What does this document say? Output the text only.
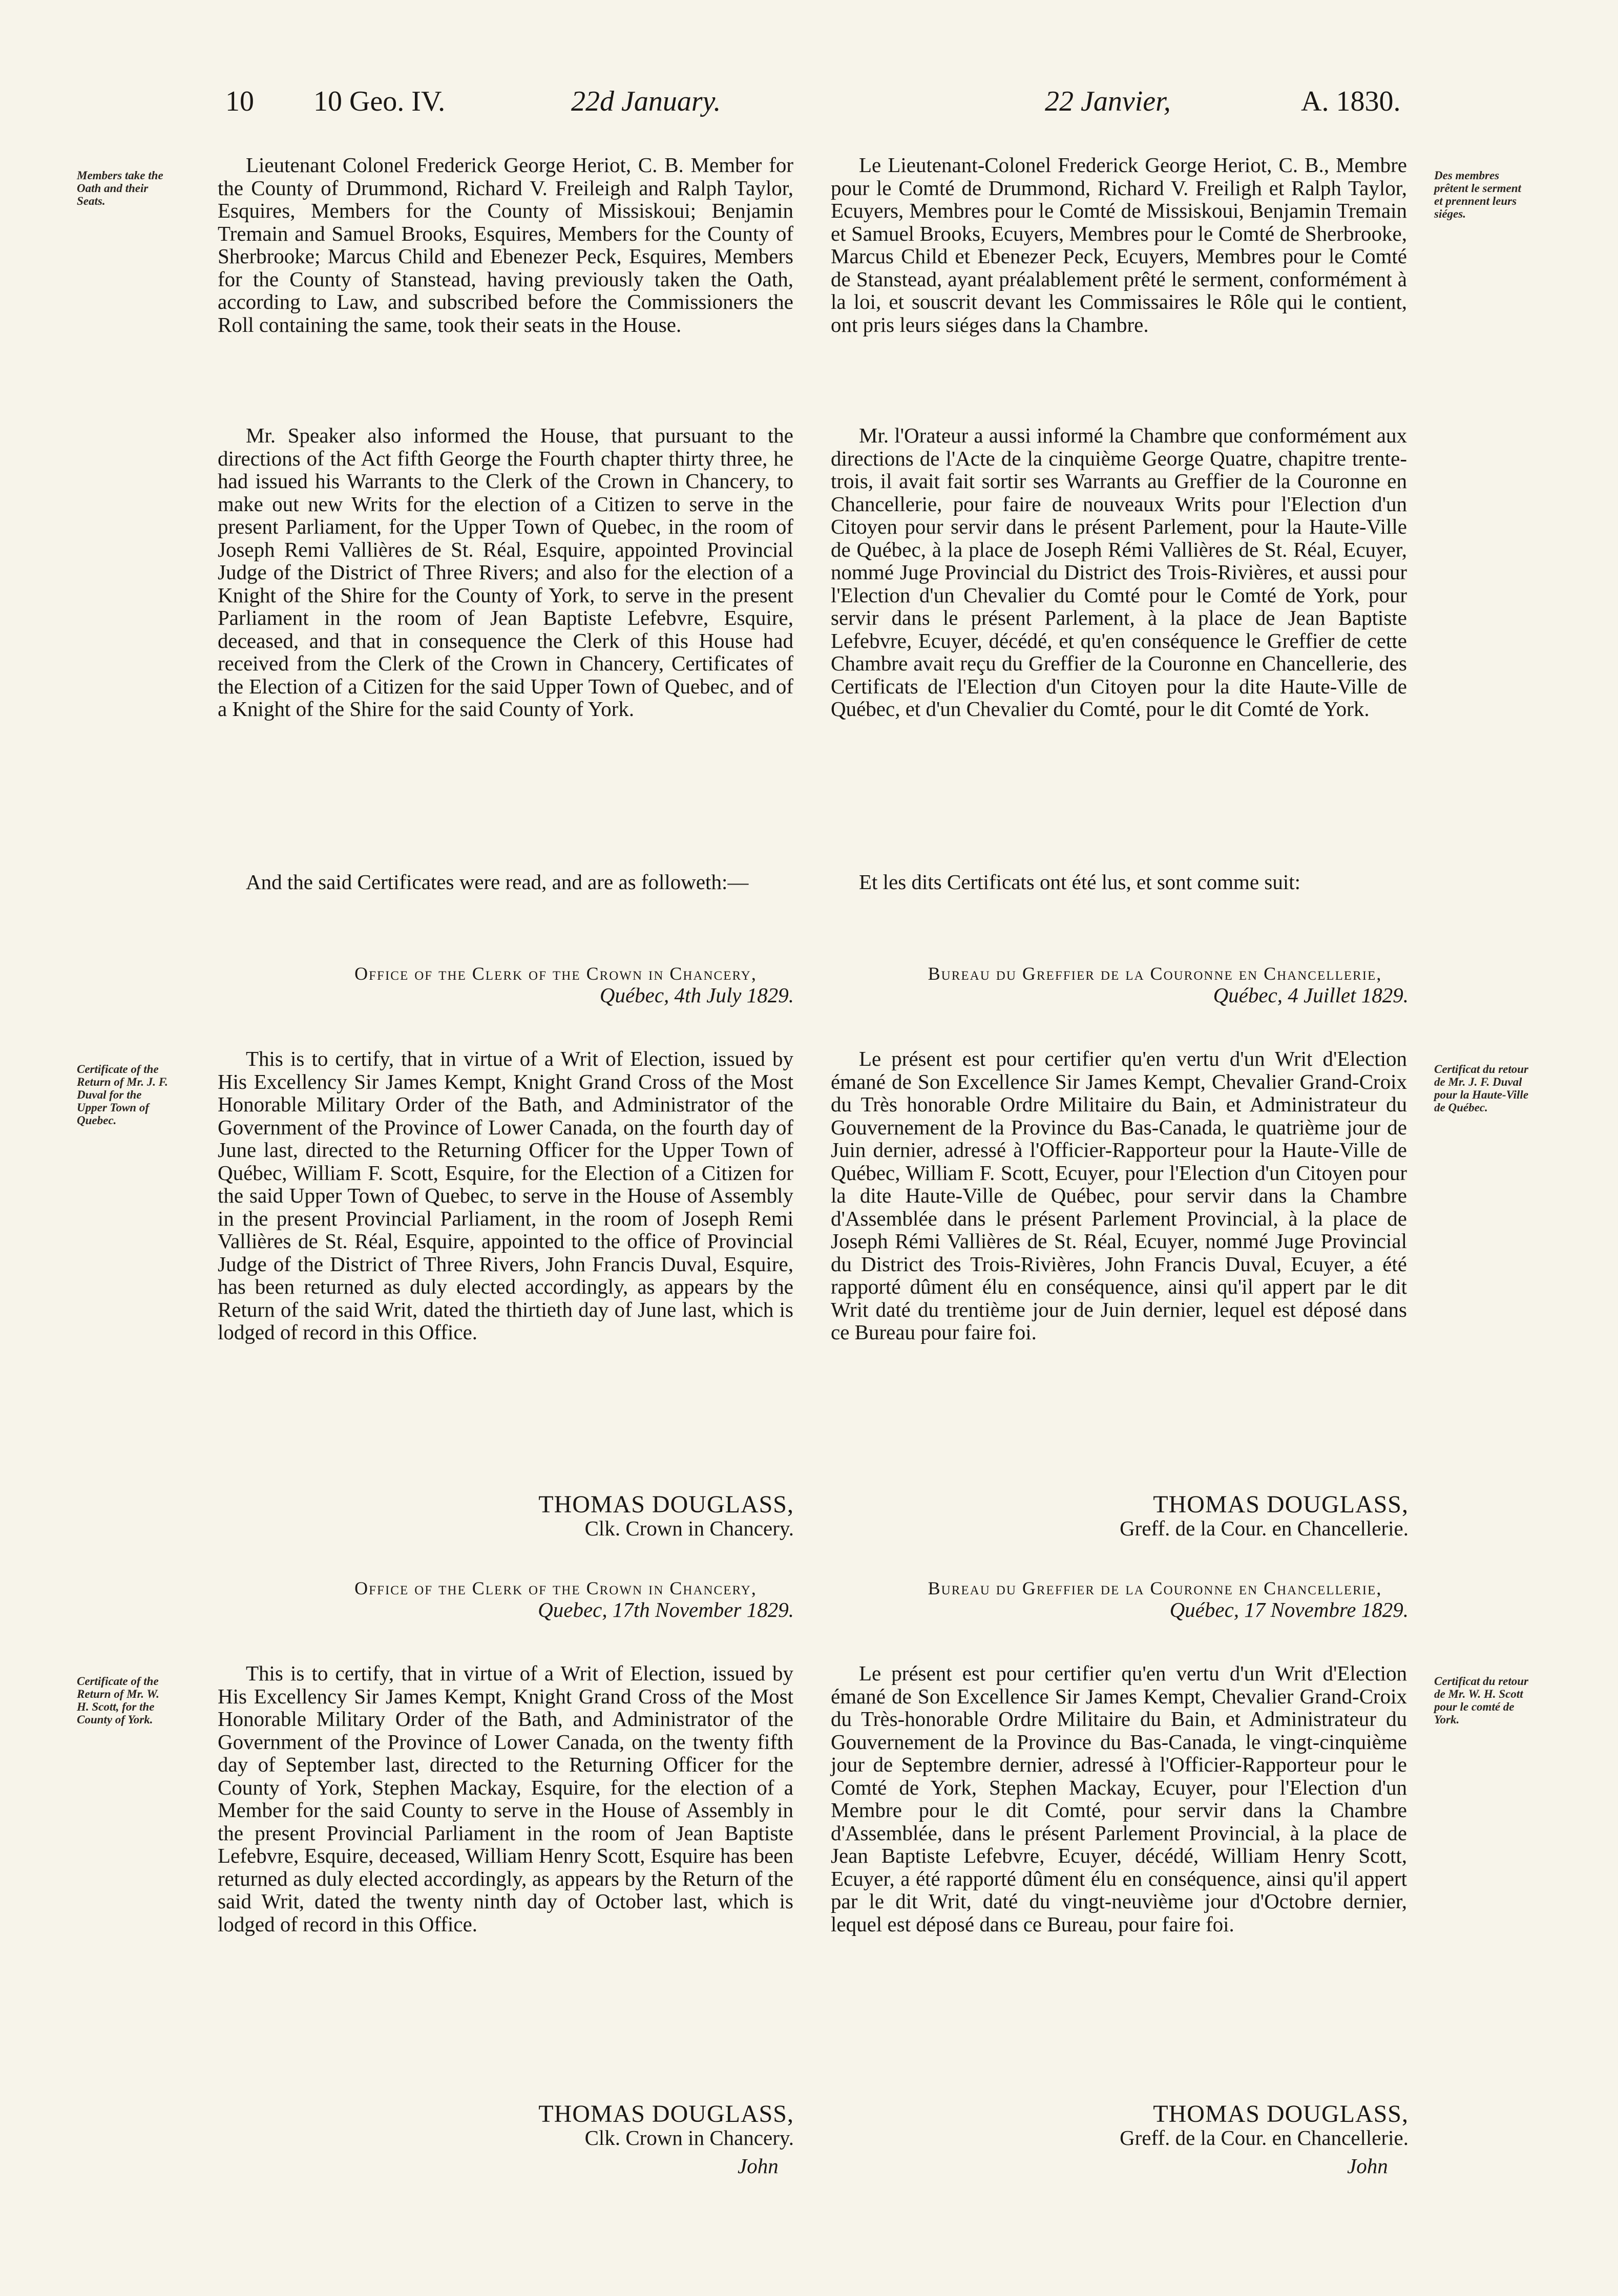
10 10 Geo. IV.	22d January.	22 Janvier,	A. 1830.
Members take the Oath and their Seats.
Des membres prêtent le serment et prennent leurs siéges.
Certificate of the Return of Mr. J. F. Duval for the Upper Town of Quebec.
Certificat du retour de Mr. J. F. Duval pour la Haute-Ville de Québec.
Certificate of the Return of Mr. W. H. Scott, for the County of York.
Certificat du retour de Mr. W. H. Scott pour le comté de York.

Lieutenant Colonel Frederick George Heriot, C. B. Member for the County of Drummond, Richard V. Freileigh and Ralph Taylor, Esquires, Members for the County of Missiskoui; Benjamin Tremain and Samuel Brooks, Esquires, Members for the County of Sherbrooke; Marcus Child and Ebenezer Peck, Esquires, Members for the County of Stanstead, having previously taken the Oath, according to Law, and subscribed before the Commissioners the Roll containing the same, took their seats in the House.

Mr. Speaker also informed the House, that pursuant to the directions of the Act fifth George the Fourth chapter thirty three, he had issued his Warrants to the Clerk of the Crown in Chancery, to make out new Writs for the election of a Citizen to serve in the present Parliament, for the Upper Town of Quebec, in the room of Joseph Remi Vallières de St. Réal, Esquire, appointed Provincial Judge of the District of Three Rivers; and also for the election of a Knight of the Shire for the County of York, to serve in the present Parliament in the room of Jean Baptiste Lefebvre, Esquire, deceased, and that in consequence the Clerk of this House had received from the Clerk of the Crown in Chancery, Certificates of the Election of a Citizen for the said Upper Town of Quebec, and of a Knight of the Shire for the said County of York.

And the said Certificates were read, and are as followeth:—

Office of the Clerk of the Crown in Chancery,
Québec, 4th July 1829.

This is to certify, that in virtue of a Writ of Election, issued by His Excellency Sir James Kempt, Knight Grand Cross of the Most Honorable Military Order of the Bath, and Administrator of the Government of the Province of Lower Canada, on the fourth day of June last, directed to the Returning Officer for the Upper Town of Québec, William F. Scott, Esquire, for the Election of a Citizen for the said Upper Town of Quebec, to serve in the House of Assembly in the present Provincial Parliament, in the room of Joseph Remi Vallières de St. Réal, Esquire, appointed to the office of Provincial Judge of the District of Three Rivers, John Francis Duval, Esquire, has been returned as duly elected accordingly, as appears by the Return of the said Writ, dated the thirtieth day of June last, which is lodged of record in this Office.

THOMAS DOUGLASS,
Clk. Crown in Chancery.
Office of the Clerk of the Crown in Chancery,
Quebec, 17th November 1829.

This is to certify, that in virtue of a Writ of Election, issued by His Excellency Sir James Kempt, Knight Grand Cross of the Most Honorable Military Order of the Bath, and Administrator of the Government of the Province of Lower Canada, on the twenty fifth day of September last, directed to the Returning Officer for the County of York, Stephen Mackay, Esquire, for the election of a Member for the said County to serve in the House of Assembly in the present Provincial Parliament in the room of Jean Baptiste Lefebvre, Esquire, deceased, William Henry Scott, Esquire has been returned as duly elected accordingly, as appears by the Return of the said Writ, dated the twenty ninth day of October last, which is lodged of record in this Office.

THOMAS DOUGLASS,
Clk. Crown in Chancery.
John

Le Lieutenant-Colonel Frederick George Heriot, C. B., Membre pour le Comté de Drummond, Richard V. Freiligh et Ralph Taylor, Ecuyers, Membres pour le Comté de Missiskoui, Benjamin Tremain et Samuel Brooks, Ecuyers, Membres pour le Comté de Sherbrooke, Marcus Child et Ebenezer Peck, Ecuyers, Membres pour le Comté de Stanstead, ayant préalablement prêté le serment, conformément à la loi, et souscrit devant les Commissaires le Rôle qui le contient, ont pris leurs siéges dans la Chambre.

Mr. l'Orateur a aussi informé la Chambre que conformément aux directions de l'Acte de la cinquième George Quatre, chapitre trente-trois, il avait fait sortir ses Warrants au Greffier de la Couronne en Chancellerie, pour faire de nouveaux Writs pour l'Election d'un Citoyen pour servir dans le présent Parlement, pour la Haute-Ville de Québec, à la place de Joseph Rémi Vallières de St. Réal, Ecuyer, nommé Juge Provincial du District des Trois-Rivières, et aussi pour l'Election d'un Chevalier du Comté pour le Comté de York, pour servir dans le présent Parlement, à la place de Jean Baptiste Lefebvre, Ecuyer, décédé, et qu'en conséquence le Greffier de cette Chambre avait reçu du Greffier de la Couronne en Chancellerie, des Certificats de l'Election d'un Citoyen pour la dite Haute-Ville de Québec, et d'un Chevalier du Comté, pour le dit Comté de York.

Et les dits Certificats ont été lus, et sont comme suit:

Bureau du Greffier de la Couronne en Chancellerie,
Québec, 4 Juillet 1829.

Le présent est pour certifier qu'en vertu d'un Writ d'Election émané de Son Excellence Sir James Kempt, Chevalier Grand-Croix du Très honorable Ordre Militaire du Bain, et Administrateur du Gouvernement de la Province du Bas-Canada, le quatrième jour de Juin dernier, adressé à l'Officier-Rapporteur pour la Haute-Ville de Québec, William F. Scott, Ecuyer, pour l'Election d'un Citoyen pour la dite Haute-Ville de Québec, pour servir dans la Chambre d'Assemblée dans le présent Parlement Provincial, à la place de Joseph Rémi Vallières de St. Réal, Ecuyer, nommé Juge Provincial du District des Trois-Rivières, John Francis Duval, Ecuyer, a été rapporté dûment élu en conséquence, ainsi qu'il appert par le dit Writ daté du trentième jour de Juin dernier, lequel est déposé dans ce Bureau pour faire foi.

THOMAS DOUGLASS,
Greff. de la Cour. en Chancellerie.
Bureau du Greffier de la Couronne en Chancellerie,
Québec, 17 Novembre 1829.

Le présent est pour certifier qu'en vertu d'un Writ d'Election émané de Son Excellence Sir James Kempt, Chevalier Grand-Croix du Très-honorable Ordre Militaire du Bain, et Administrateur du Gouvernement de la Province du Bas-Canada, le vingt-cinquième jour de Septembre dernier, adressé à l'Officier-Rapporteur pour le Comté de York, Stephen Mackay, Ecuyer, pour l'Election d'un Membre pour le dit Comté, pour servir dans la Chambre d'Assemblée, dans le présent Parlement Provincial, à la place de Jean Baptiste Lefebvre, Ecuyer, décédé, William Henry Scott, Ecuyer, a été rapporté dûment élu en conséquence, ainsi qu'il appert par le dit Writ, daté du vingt-neuvième jour d'Octobre dernier, lequel est déposé dans ce Bureau, pour faire foi.

THOMAS DOUGLASS,
Greff. de la Cour. en Chancellerie.
John
